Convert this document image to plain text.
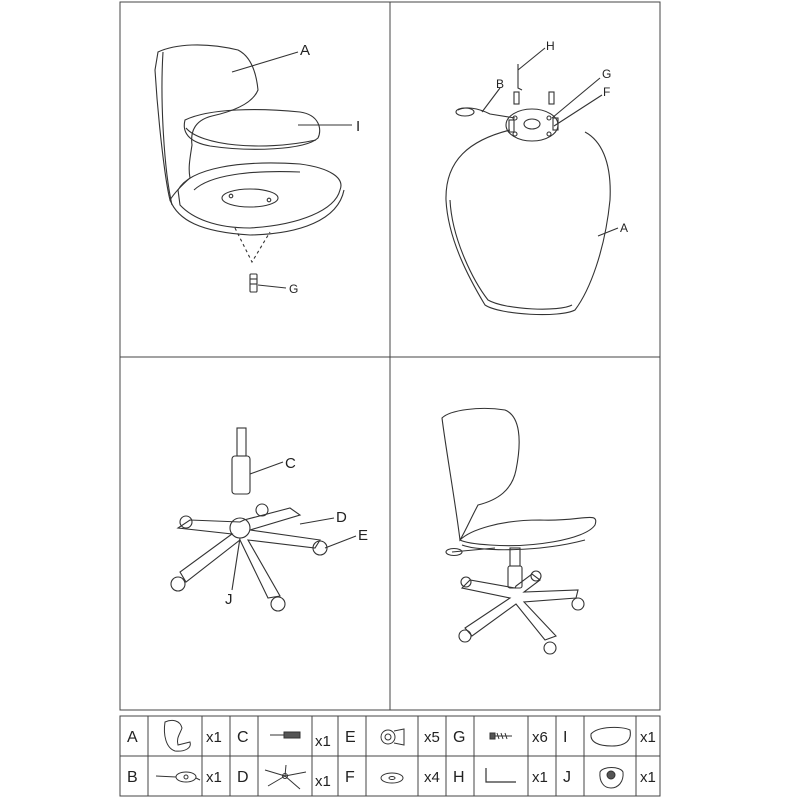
A
I
G
H
B
G
F
A
C
D
E
J
A	x1 C	x1 E	x5 G	x6 I	x1
B	x1 D	x1 F	x4 H	x1 J	x1
